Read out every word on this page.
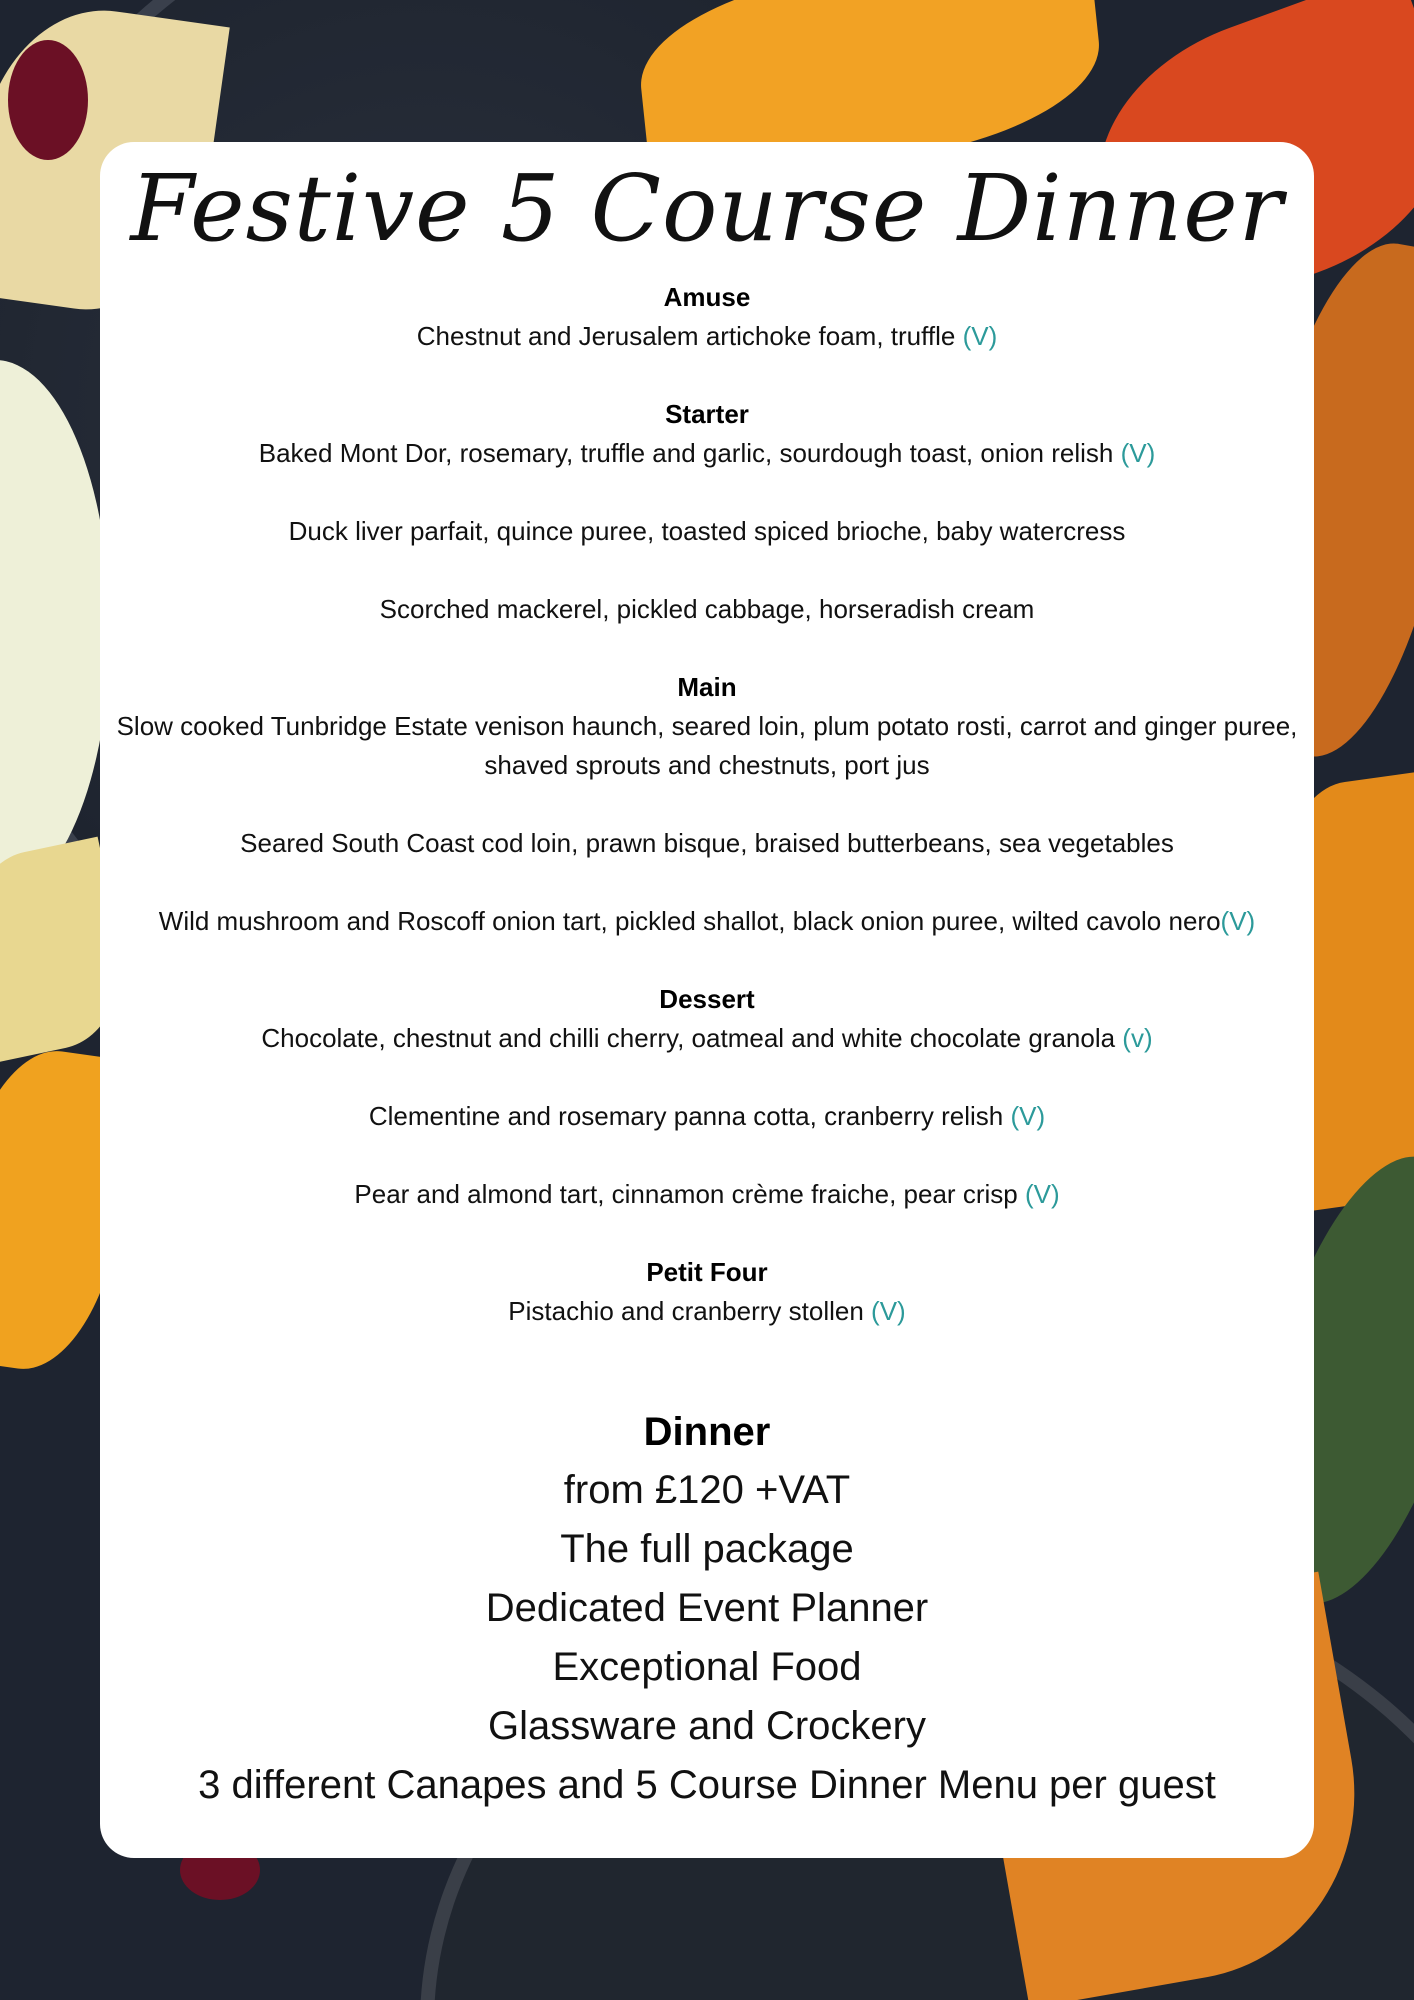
Festive 5 Course Dinner
Amuse
Chestnut and Jerusalem artichoke foam, truffle (V)
Starter
Baked Mont Dor, rosemary, truffle and garlic, sourdough toast, onion relish (V)
Duck liver parfait, quince puree, toasted spiced brioche, baby watercress
Scorched mackerel, pickled cabbage, horseradish cream
Main
Slow cooked Tunbridge Estate venison haunch, seared loin, plum potato rosti, carrot and ginger puree, shaved sprouts and chestnuts, port jus
Seared South Coast cod loin, prawn bisque, braised butterbeans, sea vegetables
Wild mushroom and Roscoff onion tart, pickled shallot, black onion puree, wilted cavolo nero(V)
Dessert
Chocolate, chestnut and chilli cherry, oatmeal and white chocolate granola (v)
Clementine and rosemary panna cotta, cranberry relish (V)
Pear and almond tart, cinnamon crème fraiche, pear crisp (V)
Petit Four
Pistachio and cranberry stollen (V)
Dinner
from £120 +VAT
The full package
Dedicated Event Planner
Exceptional Food
Glassware and Crockery
3 different Canapes and 5 Course Dinner Menu per guest
